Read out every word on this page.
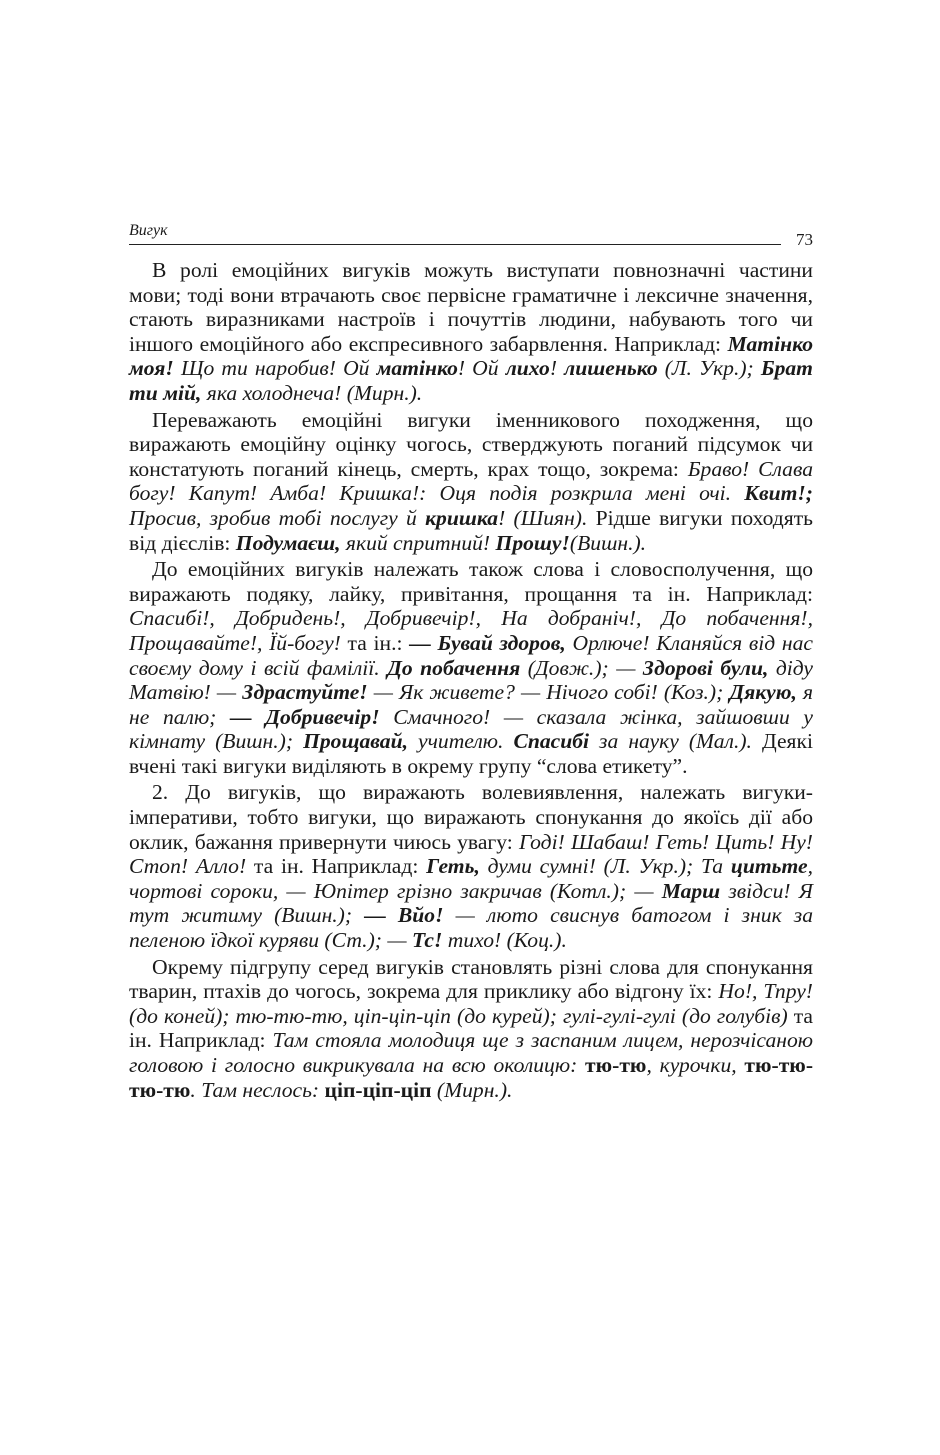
Вигук	73

В ролі емоційних вигуків можуть виступати повнозначні частини мови; тоді вони втрачають своє первісне граматичне і лексичне значення, стають виразниками настроїв і почуттів людини, набувають того чи іншого емоційного або експресивного забарвлення. Наприклад: Матінко моя! Що ти наробив! Ой матінко! Ой лихо! лишенько (Л. Укр.); Брат ти мій, яка холоднеча! (Мирн.).

Переважають емоційні вигуки іменникового походження, що виражають емоційну оцінку чогось, стверджують поганий підсумок чи констатують поганий кінець, смерть, крах тощо, зокрема: Браво! Слава богу! Капут! Амба! Кришка!: Оця подія розкрила мені очі. Квит!; Просив, зробив тобі послугу й кришка! (Шиян). Рідше вигуки походять від дієслів: Подумаєш, який спритний! Прошу!(Вишн.).

До емоційних вигуків належать також слова і словосполучення, що виражають подяку, лайку, привітання, прощання та ін. Наприклад: Спасибі!, Добридень!, Добривечір!, На добраніч!, До побачення!, Прощавайте!, Їй-богу! та ін.: — Бувай здоров, Орлюче! Кланяйся від нас своєму дому і всій фамілії. До побачення (Довж.); — Здорові були, діду Матвію! — Здрастуйте! — Як живете? — Нічого собі! (Коз.); Дякую, я не палю; — Добривечір! Смачного! — сказала жінка, зайшовши у кімнату (Вишн.); Прощавай, учителю. Спасибі за науку (Мал.). Деякі вчені такі вигуки виділяють в окрему групу “слова етикету”.

2. До вигуків, що виражають волевиявлення, належать вигуки-імперативи, тобто вигуки, що виражають спонукання до якоїсь дії або оклик, бажання привернути чиюсь увагу: Годі! Шабаш! Геть! Цить! Ну! Стоп! Алло! та ін. Наприклад: Геть, думи сумні! (Л. Укр.); Та цитьте, чортові сороки, — Юпітер грізно закричав (Котл.); — Марш звідси! Я тут житиму (Вишн.); — Вйо! — люто свиснув батогом і зник за пеленою їдкої куряви (Ст.); — Тс! тихо! (Коц.).

Окрему підгрупу серед вигуків становлять різні слова для спонукання тварин, птахів до чогось, зокрема для приклику або відгону їх: Но!, Тпру! (до коней); тю-тю-тю, ціп-ціп-ціп (до курей); гулі-гулі-гулі (до голубів) та ін. Наприклад: Там стояла молодиця ще з заспаним лицем, нерозчісаною головою і голосно викрикувала на всю околицю: тю-тю, курочки, тю-тю-тю-тю. Там неслось: ціп-ціп-ціп (Мирн.).
